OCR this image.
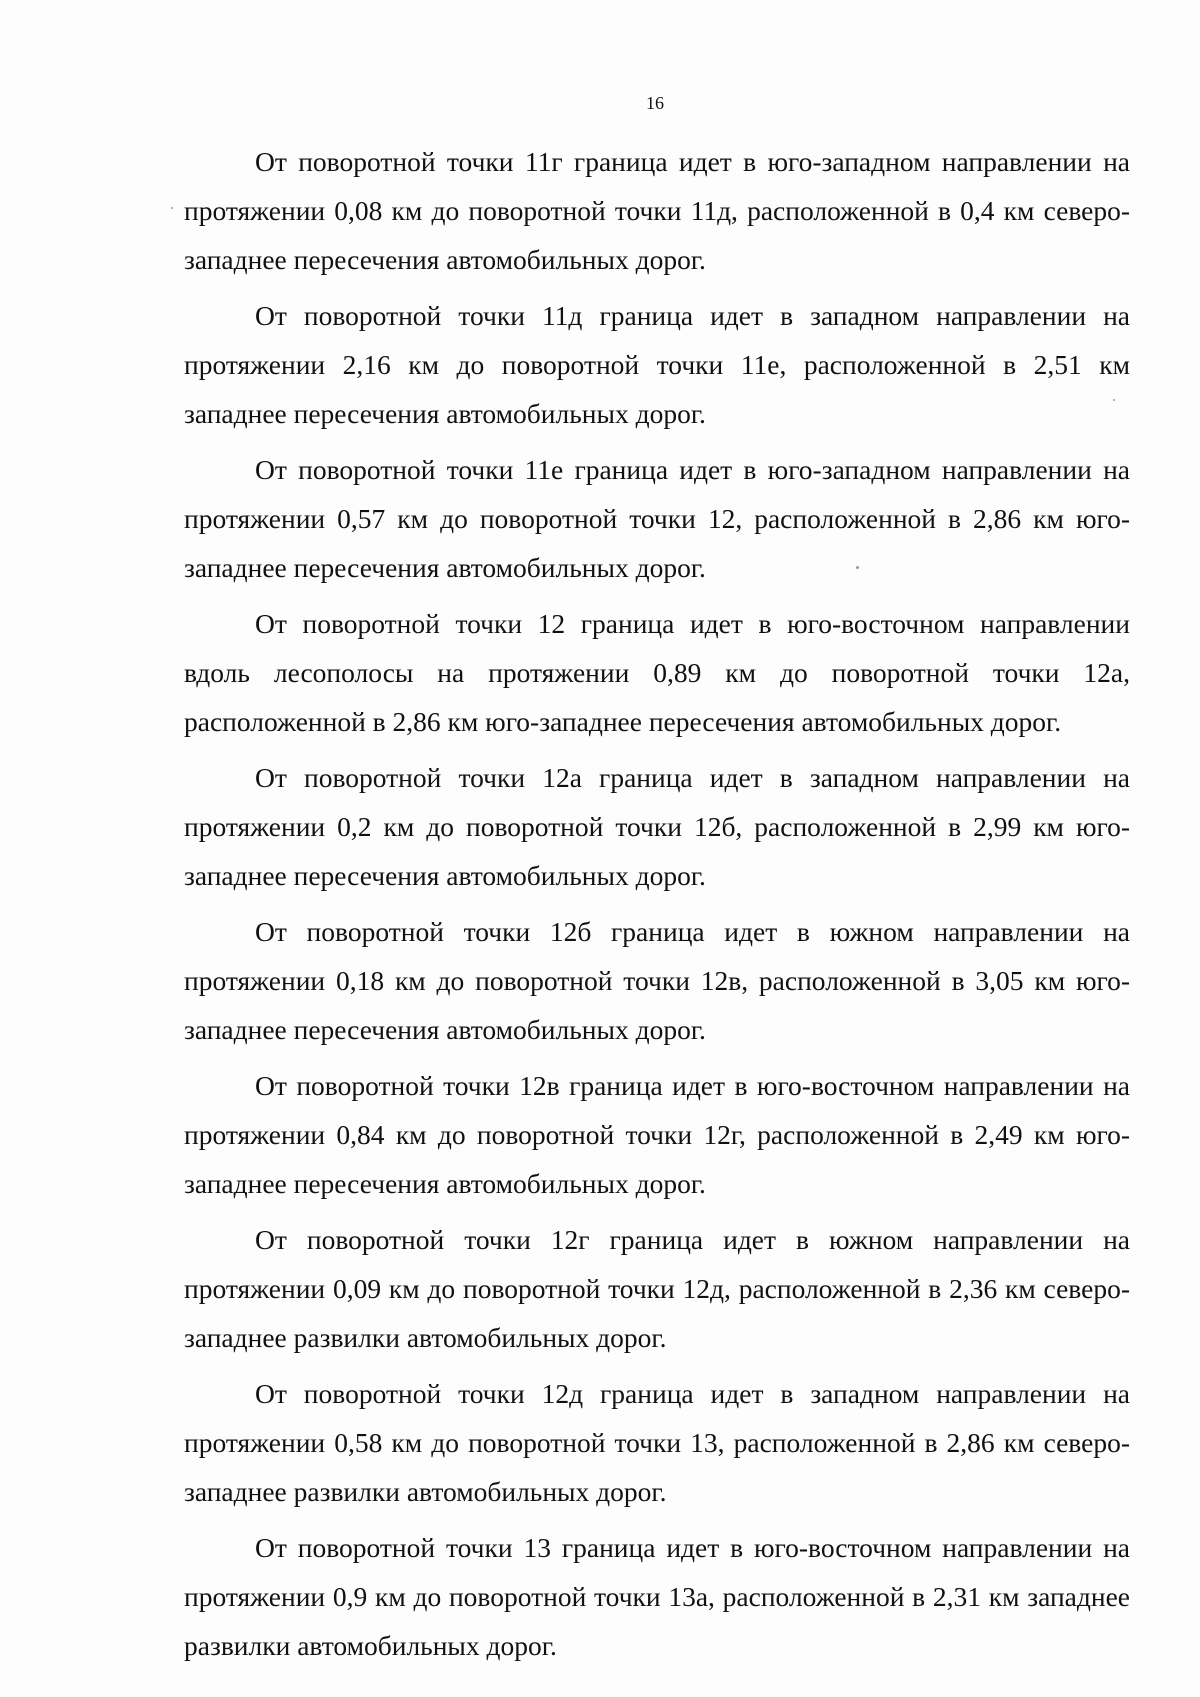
16

От поворотной точки 11г граница идет в юго-западном направлении на протяжении 0,08 км до поворотной точки 11д, расположенной в 0,4 км северо-западнее пересечения автомобильных дорог.

От поворотной точки 11д граница идет в западном направлении на протяжении 2,16 км до поворотной точки 11е, расположенной в 2,51 км западнее пересечения автомобильных дорог.

От поворотной точки 11е граница идет в юго-западном направлении на протяжении 0,57 км до поворотной точки 12, расположенной в 2,86 км юго-западнее пересечения автомобильных дорог.

От поворотной точки 12 граница идет в юго-восточном направлении вдоль лесополосы на протяжении 0,89 км до поворотной точки 12а, расположенной в 2,86 км юго-западнее пересечения автомобильных дорог.

От поворотной точки 12а граница идет в западном направлении на протяжении 0,2 км до поворотной точки 12б, расположенной в 2,99 км юго-западнее пересечения автомобильных дорог.

От поворотной точки 12б граница идет в южном направлении на протяжении 0,18 км до поворотной точки 12в, расположенной в 3,05 км юго-западнее пересечения автомобильных дорог.

От поворотной точки 12в граница идет в юго-восточном направлении на протяжении 0,84 км до поворотной точки 12г, расположенной в 2,49 км юго-западнее пересечения автомобильных дорог.

От поворотной точки 12г граница идет в южном направлении на протяжении 0,09 км до поворотной точки 12д, расположенной в 2,36 км северо-западнее развилки автомобильных дорог.

От поворотной точки 12д граница идет в западном направлении на протяжении 0,58 км до поворотной точки 13, расположенной в 2,86 км северо-западнее развилки автомобильных дорог.

От поворотной точки 13 граница идет в юго-восточном направлении на протяжении 0,9 км до поворотной точки 13а, расположенной в 2,31 км западнее развилки автомобильных дорог.
